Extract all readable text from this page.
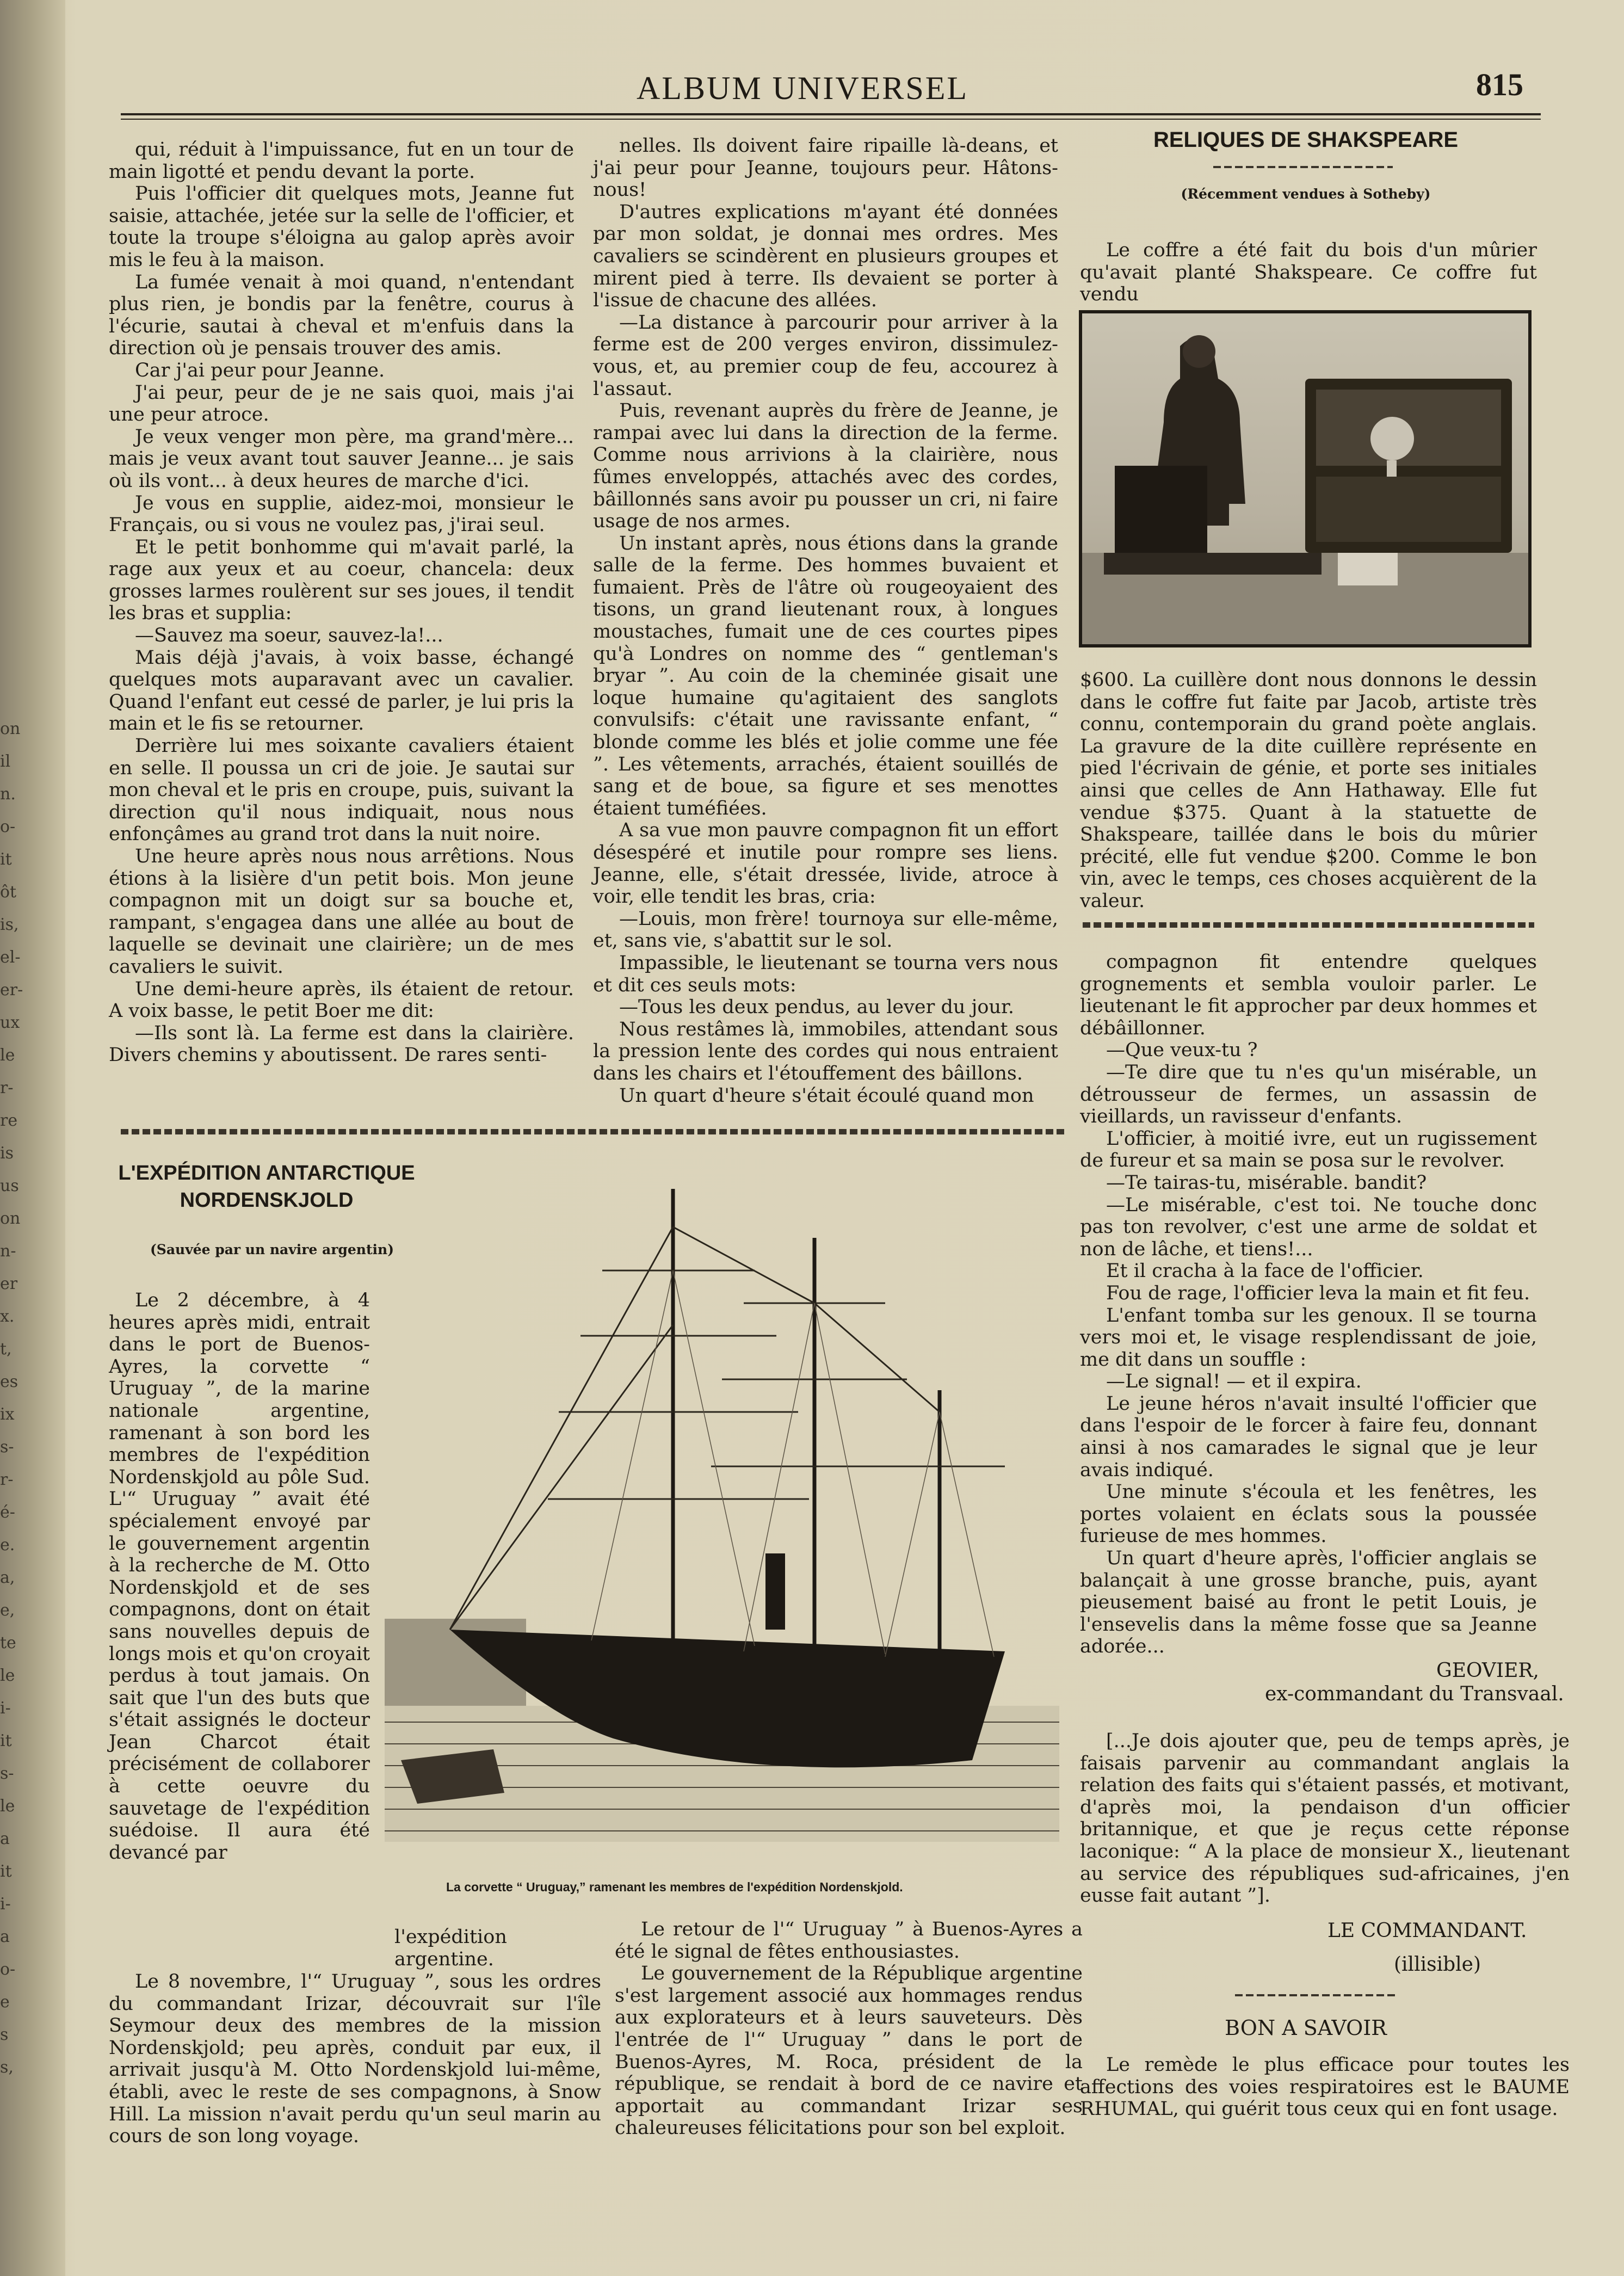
on
il
n.
o-
it
ôt
is,
el-
er-
ux
le
r-
re
is
us
on
n-
er
x.
t,
es
ix
s-
r-
é-
e.
a,
e,
te
le
i-
it
s-
le
a
it
i-
a
o-
e
s
s,
ALBUM UNIVERSEL	815

qui, réduit à l'impuissance, fut en un tour de main ligotté et pendu devant la porte.

Puis l'officier dit quelques mots, Jeanne fut saisie, attachée, jetée sur la selle de l'officier, et toute la troupe s'éloigna au galop après avoir mis le feu à la maison.

La fumée venait à moi quand, n'entendant plus rien, je bondis par la fenêtre, courus à l'écurie, sautai à cheval et m'enfuis dans la direction où je pensais trouver des amis.

Car j'ai peur pour Jeanne.

J'ai peur, peur de je ne sais quoi, mais j'ai une peur atroce.

Je veux venger mon père, ma grand'mère... mais je veux avant tout sauver Jeanne... je sais où ils vont... à deux heures de marche d'ici.

Je vous en supplie, aidez-moi, monsieur le Français, ou si vous ne voulez pas, j'irai seul.

Et le petit bonhomme qui m'avait parlé, la rage aux yeux et au coeur, chancela: deux grosses larmes roulèrent sur ses joues, il tendit les bras et supplia:

—Sauvez ma soeur, sauvez-la!...

Mais déjà j'avais, à voix basse, échangé quelques mots auparavant avec un cavalier. Quand l'enfant eut cessé de parler, je lui pris la main et le fis se retourner.

Derrière lui mes soixante cavaliers étaient en selle. Il poussa un cri de joie. Je sautai sur mon cheval et le pris en croupe, puis, suivant la direction qu'il nous indiquait, nous nous enfonçâmes au grand trot dans la nuit noire.

Une heure après nous nous arrêtions. Nous étions à la lisière d'un petit bois. Mon jeune compagnon mit un doigt sur sa bouche et, rampant, s'engagea dans une allée au bout de laquelle se devinait une clairière; un de mes cavaliers le suivit.

Une demi-heure après, ils étaient de retour. A voix basse, le petit Boer me dit:

—Ils sont là. La ferme est dans la clairière. Divers chemins y aboutissent. De rares senti-

nelles. Ils doivent faire ripaille là-deans, et j'ai peur pour Jeanne, toujours peur. Hâtons-nous!

D'autres explications m'ayant été données par mon soldat, je donnai mes ordres. Mes cavaliers se scindèrent en plusieurs groupes et mirent pied à terre. Ils devaient se porter à l'issue de chacune des allées.

—La distance à parcourir pour arriver à la ferme est de 200 verges environ, dissimulez-vous, et, au premier coup de feu, accourez à l'assaut.

Puis, revenant auprès du frère de Jeanne, je rampai avec lui dans la direction de la ferme. Comme nous arrivions à la clairière, nous fûmes enveloppés, attachés avec des cordes, bâillonnés sans avoir pu pousser un cri, ni faire usage de nos armes.

Un instant après, nous étions dans la grande salle de la ferme. Des hommes buvaient et fumaient. Près de l'âtre où rougeoyaient des tisons, un grand lieutenant roux, à longues moustaches, fumait une de ces courtes pipes qu'à Londres on nomme des “ gentleman's bryar ”. Au coin de la cheminée gisait une loque humaine qu'agitaient des sanglots convulsifs: c'était une ravissante enfant, “ blonde comme les blés et jolie comme une fée ”. Les vêtements, arrachés, étaient souillés de sang et de boue, sa figure et ses menottes étaient tuméfiées.

A sa vue mon pauvre compagnon fit un effort désespéré et inutile pour rompre ses liens. Jeanne, elle, s'était dressée, livide, atroce à voir, elle tendit les bras, cria:

—Louis, mon frère! tournoya sur elle-même, et, sans vie, s'abattit sur le sol.

Impassible, le lieutenant se tourna vers nous et dit ces seuls mots:

—Tous les deux pendus, au lever du jour.

Nous restâmes là, immobiles, attendant sous la pression lente des cordes qui nous entraient dans les chairs et l'étouffement des bâillons.

Un quart d'heure s'était écoulé quand mon

RELIQUES DE SHAKSPEARE
(Récemment vendues à Sotheby)

Le coffre a été fait du bois d'un mûrier qu'avait planté Shakspeare. Ce coffre fut vendu

$600. La cuillère dont nous donnons le dessin dans le coffre fut faite par Jacob, artiste très connu, contemporain du grand poète anglais. La gravure de la dite cuillère représente en pied l'écrivain de génie, et porte ses initiales ainsi que celles de Ann Hathaway. Elle fut vendue $375. Quant à la statuette de Shakspeare, taillée dans le bois du mûrier précité, elle fut vendue $200. Comme le bon vin, avec le temps, ces choses acquièrent de la valeur.

compagnon fit entendre quelques grognements et sembla vouloir parler. Le lieutenant le fit approcher par deux hommes et débâillonner.

—Que veux-tu ?

—Te dire que tu n'es qu'un misérable, un détrousseur de fermes, un assassin de vieillards, un ravisseur d'enfants.

L'officier, à moitié ivre, eut un rugissement de fureur et sa main se posa sur le revolver.

—Te tairas-tu, misérable. bandit?

—Le misérable, c'est toi. Ne touche donc pas ton revolver, c'est une arme de soldat et non de lâche, et tiens!...

Et il cracha à la face de l'officier.

Fou de rage, l'officier leva la main et fit feu.

L'enfant tomba sur les genoux. Il se tourna vers moi et, le visage resplendissant de joie, me dit dans un souffle :

—Le signal! — et il expira.

Le jeune héros n'avait insulté l'officier que dans l'espoir de le forcer à faire feu, donnant ainsi à nos camarades le signal que je leur avais indiqué.

Une minute s'écoula et les fenêtres, les portes volaient en éclats sous la poussée furieuse de mes hommes.

Un quart d'heure après, l'officier anglais se balançait à une grosse branche, puis, ayant pieusement baisé au front le petit Louis, je l'ensevelis dans la même fosse que sa Jeanne adorée...

GEOVIER,
ex-commandant du Transvaal.

[...Je dois ajouter que, peu de temps après, je faisais parvenir au commandant anglais la relation des faits qui s'étaient passés, et motivant, d'après moi, la pendaison d'un officier britannique, et que je reçus cette réponse laconique: “ A la place de monsieur X., lieutenant au service des républiques sud-africaines, j'en eusse fait autant ”].

LE COMMANDANT.
(illisible)
BON A SAVOIR

Le remède le plus efficace pour toutes les affections des voies respiratoires est le BAUME RHUMAL, qui guérit tous ceux qui en font usage.

L'EXPÉDITION ANTARCTIQUE
NORDENSKJOLD
(Sauvée par un navire argentin)

Le 2 décembre, à 4 heures après midi, entrait dans le port de Buenos-Ayres, la corvette “ Uruguay ”, de la marine nationale argentine, ramenant à son bord les membres de l'expédition Nordenskjold au pôle Sud. L'“ Uruguay ” avait été spécialement envoyé par le gouvernement argentin à la recherche de M. Otto Nordenskjold et de ses compagnons, dont on était sans nouvelles depuis de longs mois et qu'on croyait perdus à tout jamais. On sait que l'un des buts que s'était assignés le docteur Jean Charcot était précisément de collaborer à cette oeuvre du sauvetage de l'expédition suédoise. Il aura été devancé par

l'expédition argentine.

Le 8 novembre, l'“ Uruguay ”, sous les ordres du commandant Irizar, découvrait sur l'île Seymour deux des membres de la mission Nordenskjold; peu après, conduit par eux, il arrivait jusqu'à M. Otto Nordenskjold lui-même, établi, avec le reste de ses compagnons, à Snow Hill. La mission n'avait perdu qu'un seul marin au cours de son long voyage.

La corvette “ Uruguay,” ramenant les membres de l'expédition Nordenskjold.

Le retour de l'“ Uruguay ” à Buenos-Ayres a été le signal de fêtes enthousiastes.

Le gouvernement de la République argentine s'est largement associé aux hommages rendus aux explorateurs et à leurs sauveteurs. Dès l'entrée de l'“ Uruguay ” dans le port de Buenos-Ayres, M. Roca, président de la république, se rendait à bord de ce navire et apportait au commandant Irizar ses chaleureuses félicitations pour son bel exploit.
